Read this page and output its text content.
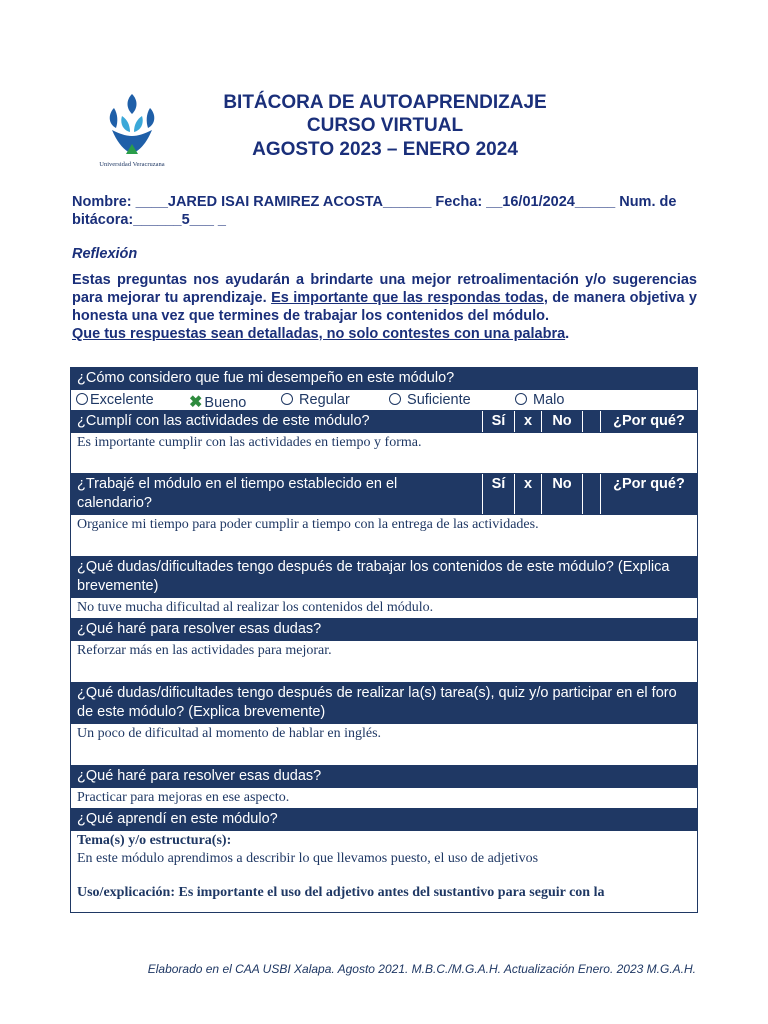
Universidad Veracruzana
BITÁCORA DE AUTOAPRENDIZAJE
CURSO VIRTUAL
AGOSTO 2023 – ENERO 2024
Nombre: ____JARED ISAI RAMIREZ ACOSTA______ Fecha: __16/01/2024_____ Num. de bitácora:______5___ _
Reflexión
Estas preguntas nos ayudarán a brindarte una mejor retroalimentación y/o sugerencias para mejorar tu aprendizaje. Es importante que las respondas todas, de manera objetiva y honesta una vez que termines de trabajar los contenidos del módulo.
Que tus respuestas sean detalladas, no solo contestes con una palabra.
¿Cómo considero que fue mi desempeño en este módulo?
Excelente ✖ Bueno	Regular	Suficiente	Malo
¿Cumplí con las actividades de este módulo?	Sí	x	No	¿Por qué?
Es importante cumplir con las actividades en tiempo y forma.
¿Trabajé el módulo en el tiempo establecido en el calendario?
Sí	x	No	¿Por qué?
Organice mi tiempo para poder cumplir a tiempo con la entrega de las actividades.
¿Qué dudas/dificultades tengo después de trabajar los contenidos de este módulo? (Explica brevemente)
No tuve mucha dificultad al realizar los contenidos del módulo.
¿Qué haré para resolver esas dudas?
Reforzar más en las actividades para mejorar.
¿Qué dudas/dificultades tengo después de realizar la(s) tarea(s), quiz y/o participar en el foro de este módulo? (Explica brevemente)
Un poco de dificultad al momento de hablar en inglés.
¿Qué haré para resolver esas dudas?
Practicar para mejoras en ese aspecto.
¿Qué aprendí en este módulo?
Tema(s) y/o estructura(s):
En este módulo aprendimos a describir lo que llevamos puesto, el uso de adjetivos
Uso/explicación: Es importante el uso del adjetivo antes del sustantivo para seguir con la
Elaborado en el CAA USBI Xalapa. Agosto 2021. M.B.C./M.G.A.H. Actualización Enero. 2023 M.G.A.H.
